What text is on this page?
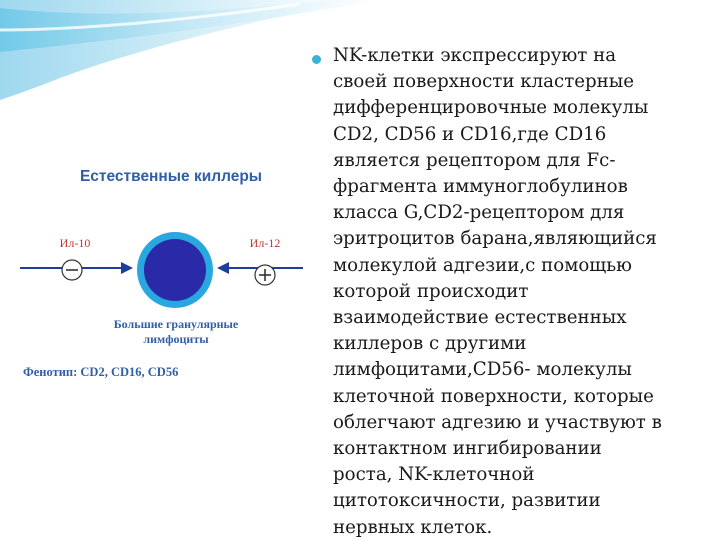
Естественные киллеры
Ил-10	Ил-12
Большие гранулярные
лимфоциты
Фенотип: CD2, CD16, CD56
NK-клетки экспрессируют на
своей поверхности кластерные
дифференцировочные молекулы
CD2, CD56 и CD16,где CD16
является рецептором для Fc-
фрагмента иммуноглобулинов
класса G,CD2-рецептором для
эритроцитов барана,являющийся
молекулой адгезии,с помощью
которой происходит
взаимодействие естественных
киллеров с другими
лимфоцитами,CD56- молекулы
клеточной поверхности, которые
облегчают адгезию и участвуют в
контактном ингибировании
роста, NK-клеточной
цитотоксичности, развитии
нервных клеток.
